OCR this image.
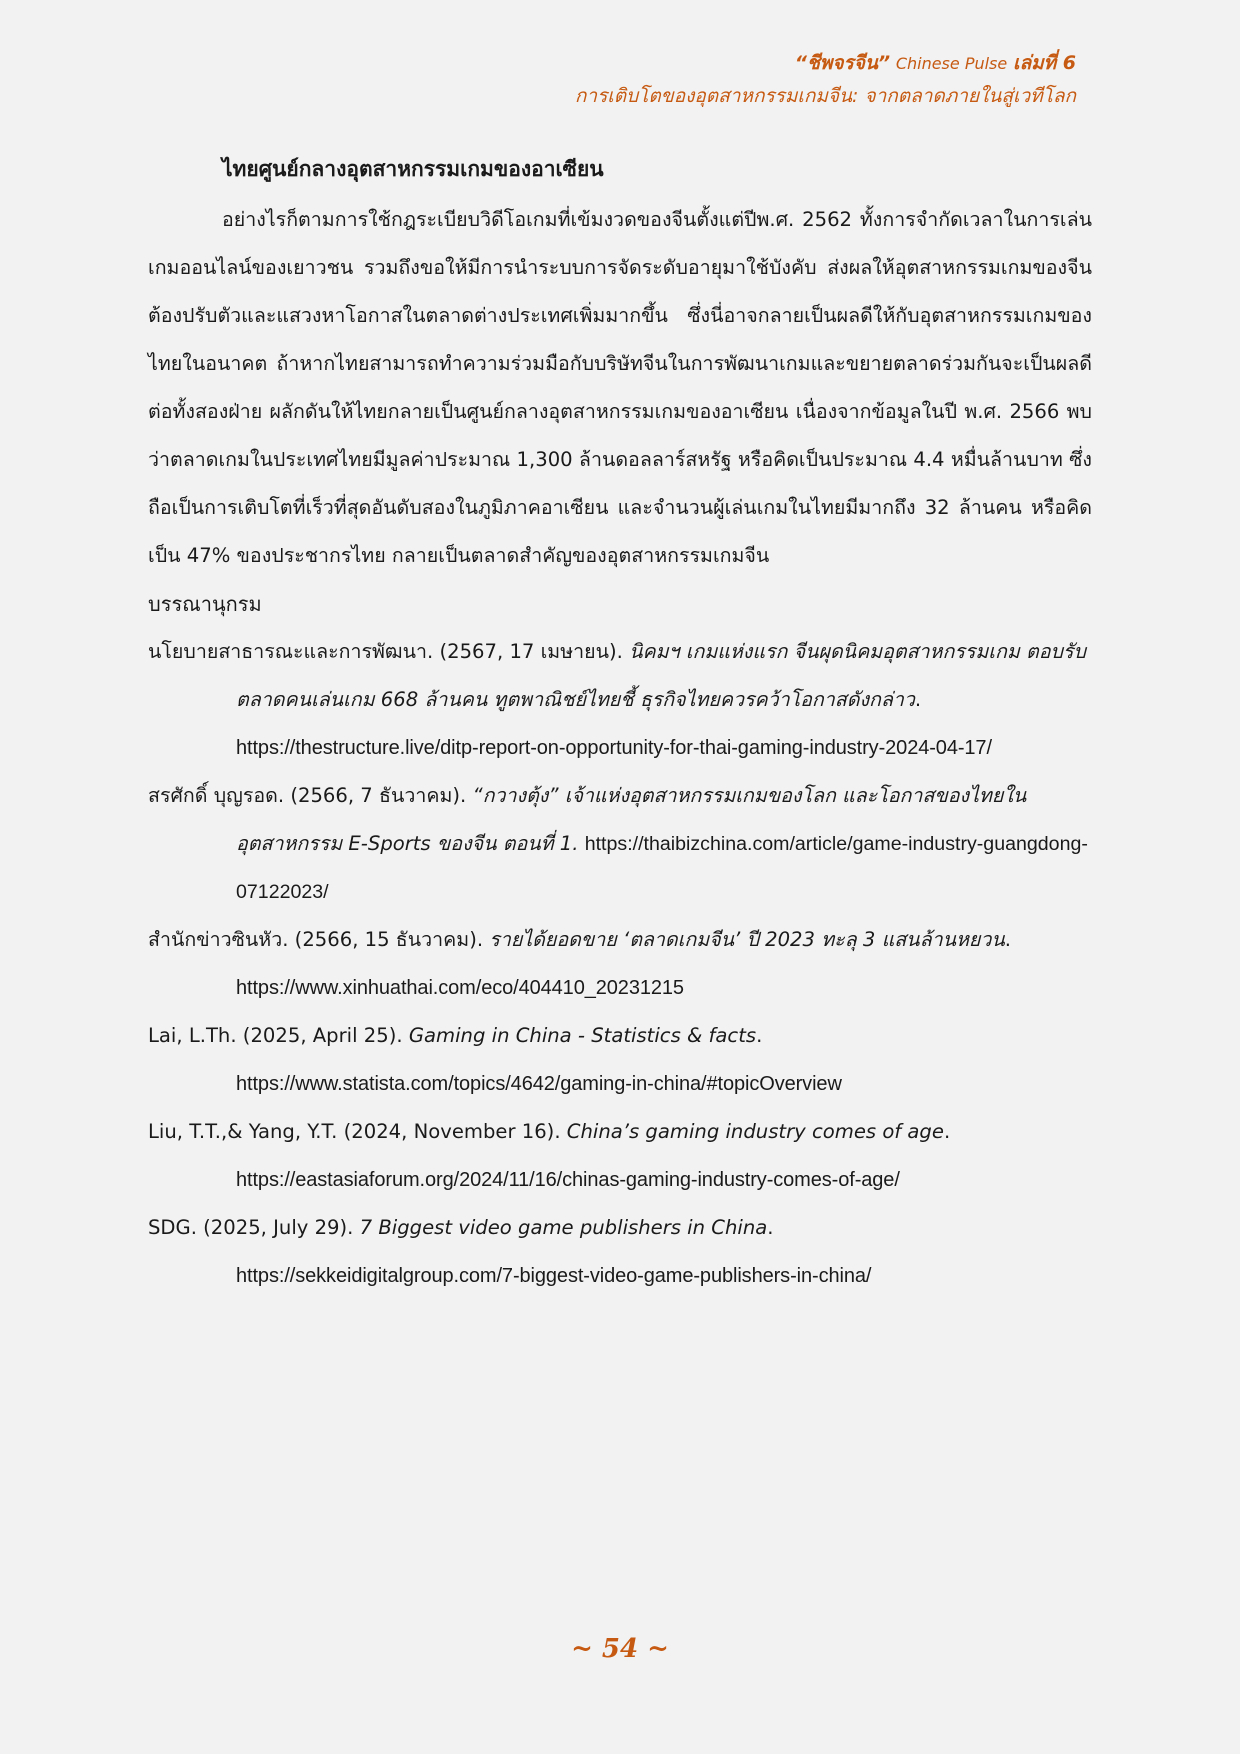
“ชีพจรจีน” Chinese Pulse เล่มที่ 6
การเติบโตของอุตสาหกรรมเกมจีน: จากตลาดภายในสู่เวทีโลก
ไทยศูนย์กลางอุตสาหกรรมเกมของอาเซียน

อย่างไรก็ตามการใช้กฎระเบียบวิดีโอเกมที่เข้มงวดของจีนตั้งแต่ปีพ.ศ. 2562 ทั้งการจำกัดเวลาในการเล่นเกมออนไลน์ของเยาวชน รวมถึงขอให้มีการนำระบบการจัดระดับอายุมาใช้บังคับ ส่งผลให้อุตสาหกรรมเกมของจีนต้องปรับตัวและแสวงหาโอกาสในตลาดต่างประเทศเพิ่มมากขึ้น ซึ่งนี่อาจกลายเป็นผลดีให้กับอุตสาหกรรมเกมของไทยในอนาคต ถ้าหากไทยสามารถทำความร่วมมือกับบริษัทจีนในการพัฒนาเกมและขยายตลาดร่วมกันจะเป็นผลดีต่อทั้งสองฝ่าย ผลักดันให้ไทยกลายเป็นศูนย์กลางอุตสาหกรรมเกมของอาเซียน เนื่องจากข้อมูลในปี พ.ศ. 2566 พบว่าตลาดเกมในประเทศไทยมีมูลค่าประมาณ 1,300 ล้านดอลลาร์สหรัฐ หรือคิดเป็นประมาณ 4.4 หมื่นล้านบาท ซึ่งถือเป็นการเติบโตที่เร็วที่สุดอันดับสองในภูมิภาคอาเซียน และจำนวนผู้เล่นเกมในไทยมีมากถึง 32 ล้านคน หรือคิดเป็น 47% ของประชากรไทย กลายเป็นตลาดสำคัญของอุตสาหกรรมเกมจีน

บรรณานุกรม

นโยบายสาธารณะและการพัฒนา. (2567, 17 เมษายน). นิคมฯ เกมแห่งแรก จีนผุดนิคมอุตสาหกรรมเกม ตอบรับตลาดคนเล่นเกม 668 ล้านคน ทูตพาณิชย์ไทยชี้ ธุรกิจไทยควรคว้าโอกาสดังกล่าว.
https://thestructure.live/ditp-report-on-opportunity-for-thai-gaming-industry-2024-04-17/

สรศักดิ์ บุญรอด. (2566, 7 ธันวาคม). “กวางตุ้ง” เจ้าแห่งอุตสาหกรรมเกมของโลก และโอกาสของไทยในอุตสาหกรรม E-Sports ของจีน ตอนที่ 1. https://thaibizchina.com/article/game-industry-guangdong-07122023/

สำนักข่าวซินหัว. (2566, 15 ธันวาคม). รายได้ยอดขาย ‘ตลาดเกมจีน’ ปี 2023 ทะลุ 3 แสนล้านหยวน.
https://www.xinhuathai.com/eco/404410_20231215

Lai, L.Th. (2025, April 25). Gaming in China - Statistics & facts.
https://www.statista.com/topics/4642/gaming-in-china/#topicOverview

Liu, T.T.,& Yang, Y.T. (2024, November 16). China’s gaming industry comes of age.
https://eastasiaforum.org/2024/11/16/chinas-gaming-industry-comes-of-age/

SDG. (2025, July 29). 7 Biggest video game publishers in China.
https://sekkeidigitalgroup.com/7-biggest-video-game-publishers-in-china/

~ 54 ~
